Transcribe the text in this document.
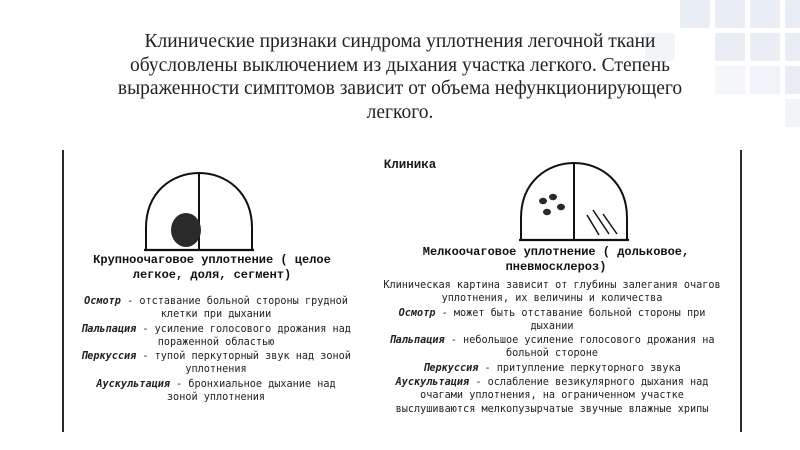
Клинические признаки синдрома уплотнения легочной ткани
обусловлены выключением из дыхания участка легкого. Степень
выраженности симптомов зависит от объема нефункционирующего
легкого.
Клиника
Крупноочаговое уплотнение ( целое
легкое, доля, сегмент)

Осмотр - отставание больной стороны грудной
клетки при дыхании

Пальпация - усиление голосового дрожания над
пораженной областью

Перкуссия - тупой перкуторный звук над зоной
уплотнения

Аускультация - бронхиальное дыхание над
зоной уплотнения

Мелкоочаговое уплотнение ( дольковое,
пневмосклероз)

Клиническая картина зависит от глубины залегания очагов
уплотнения, их величины и количества

Осмотр - может быть отставание больной стороны при
дыхании

Пальпация - небольшое усиление голосового дрожания на
больной стороне

Перкуссия - притупление перкуторного звука

Аускультация - ослабление везикулярного дыхания над
очагами уплотнения, на ограниченном участке
выслушиваются мелкопузырчатые звучные влажные хрипы
